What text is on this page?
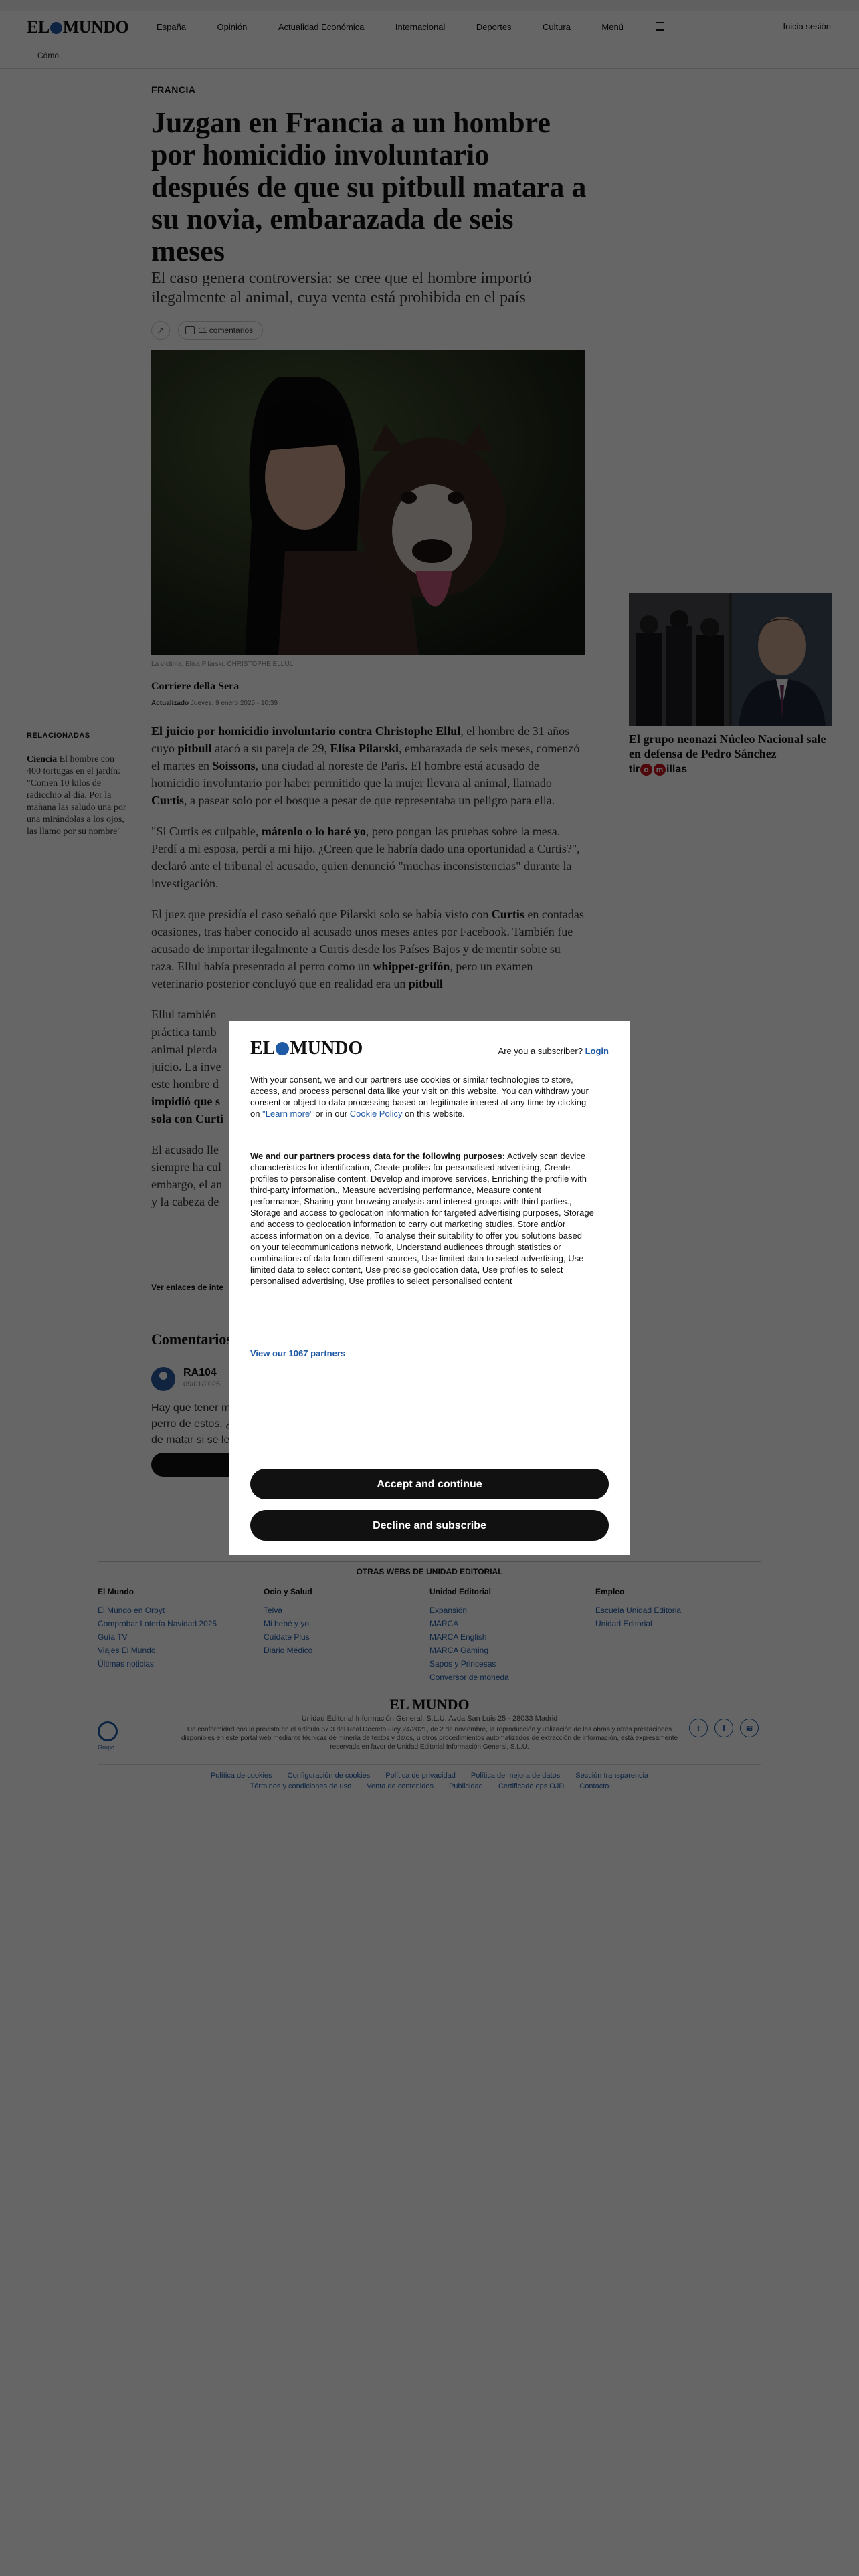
EL MUNDO	Are you a subscriber? Login
With your consent, we and our partners use cookies or similar technologies to store, access, and process personal data like your visit on this website. You can withdraw your consent or object to data processing based on legitimate interest at any time by clicking on "Learn more" or in our Cookie Policy on this website.
We and our partners process data for the following purposes: Actively scan device characteristics for identification, Create profiles for personalised advertising, Create profiles to personalise content, Develop and improve services, Enriching the profile with third-party information., Measure advertising performance, Measure content performance, Sharing your browsing analysis and interest groups with third parties., Storage and access to geolocation information for targeted advertising purposes, Storage and access to geolocation information to carry out marketing studies, Store and/or access information on a device, To analyse their suitability to offer you solutions based on your telecommunications network, Understand audiences through statistics or combinations of data from different sources, Use limited data to select advertising, Use limited data to select content, Use precise geolocation data, Use profiles to select personalised advertising, Use profiles to select personalised content
View our 1067 partners
Accept and continue
Decline and subscribe
